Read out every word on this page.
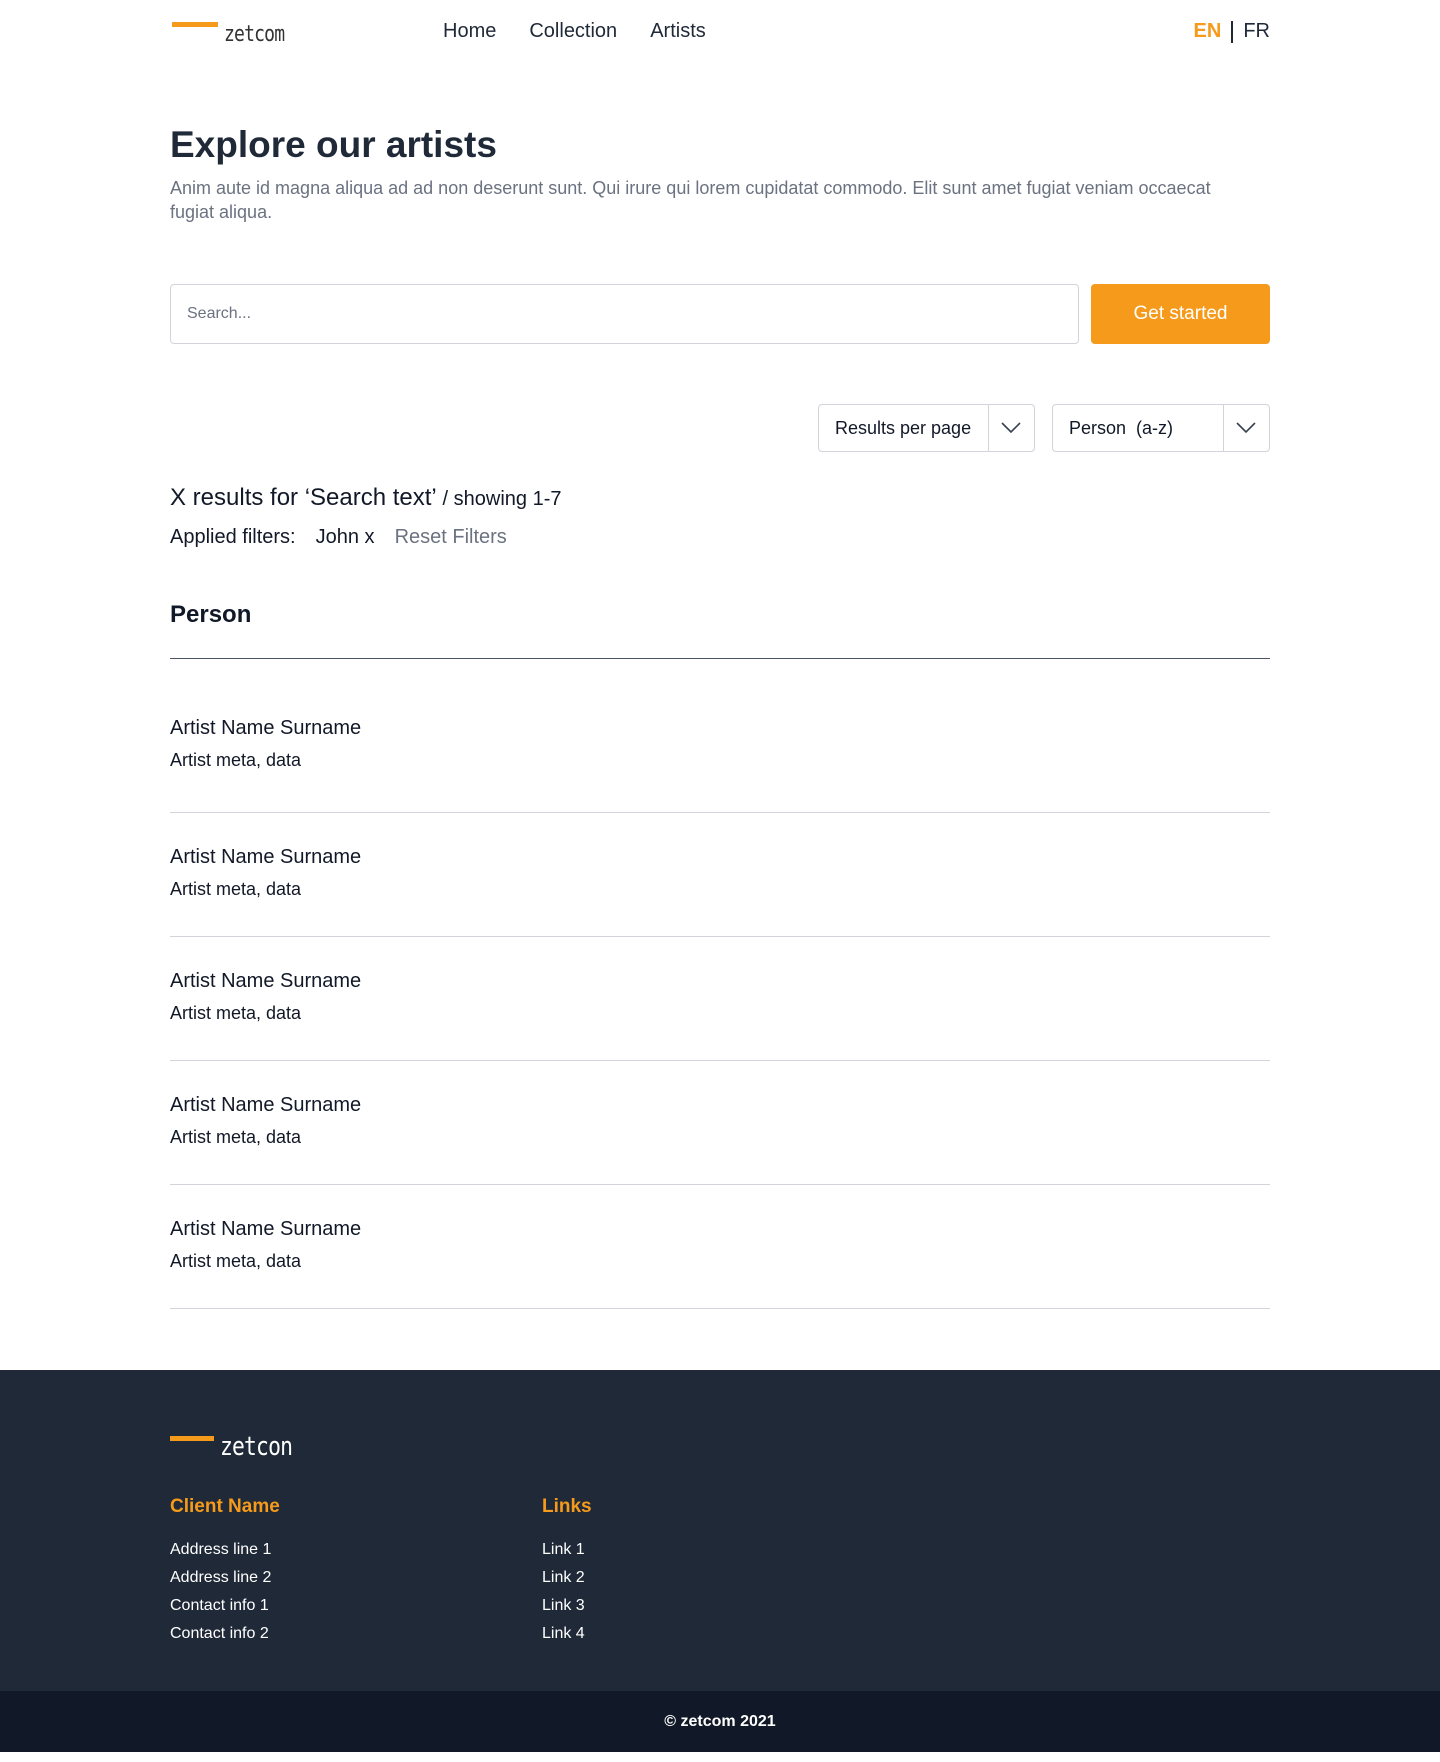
zetcom	Home Collection Artists	EN FR
Explore our artists

Anim aute id magna aliqua ad ad non deserunt sunt. Qui irure qui lorem cupidatat commodo. Elit sunt amet fugiat veniam occaecat fugiat aliqua.

Search...
Get started
Results per page	Person  (a-z)
X results for ‘Search text’ / showing 1-7
Applied filters: John x Reset Filters
Person
Artist Name Surname
Artist meta, data
Artist Name Surname
Artist meta, data
Artist Name Surname
Artist meta, data
Artist Name Surname
Artist meta, data
Artist Name Surname
Artist meta, data
zetcon
Client Name
Address line 1
Address line 2
Contact info 1
Contact info 2
Links
Link 1
Link 2
Link 3
Link 4
© zetcom 2021
